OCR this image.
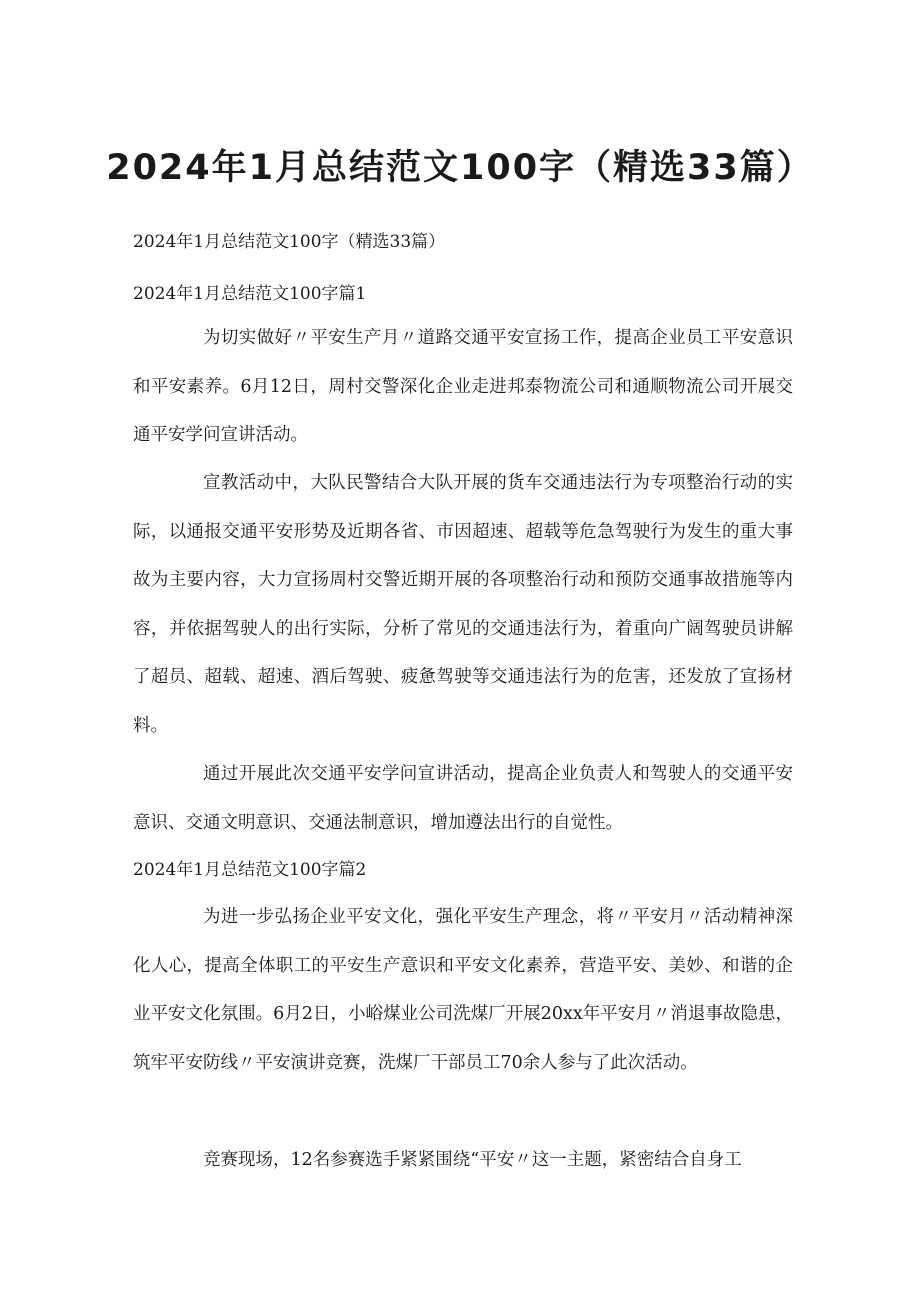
2024年1月总结范文100字（精选33篇）

2024年1月总结范文100字（精选33篇）

2024年1月总结范文100字篇1

为切实做好〃平安生产月〃道路交通平安宣扬工作，提高企业员工平安意识和平安素养。6月12日，周村交警深化企业走进邦泰物流公司和通顺物流公司开展交通平安学问宣讲活动。

宣教活动中，大队民警结合大队开展的货车交通违法行为专项整治行动的实际，以通报交通平安形势及近期各省、市因超速、超载等危急驾驶行为发生的重大事故为主要内容，大力宣扬周村交警近期开展的各项整治行动和预防交通事故措施等内容，并依据驾驶人的出行实际，分析了常见的交通违法行为，着重向广阔驾驶员讲解了超员、超载、超速、酒后驾驶、疲惫驾驶等交通违法行为的危害，还发放了宣扬材料。

通过开展此次交通平安学问宣讲活动，提高企业负责人和驾驶人的交通平安意识、交通文明意识、交通法制意识，增加遵法出行的自觉性。

2024年1月总结范文100字篇2

为进一步弘扬企业平安文化，强化平安生产理念，将〃平安月〃活动精神深化人心，提高全体职工的平安生产意识和平安文化素养，营造平安、美妙、和谐的企业平安文化氛围。6月2日，小峪煤业公司洗煤厂开展20xx年平安月〃消退事故隐患，筑牢平安防线〃平安演讲竞赛，洗煤厂干部员工70余人参与了此次活动。

竞赛现场，12名参赛选手紧紧围绕“平安〃这一主题，紧密结合自身工
